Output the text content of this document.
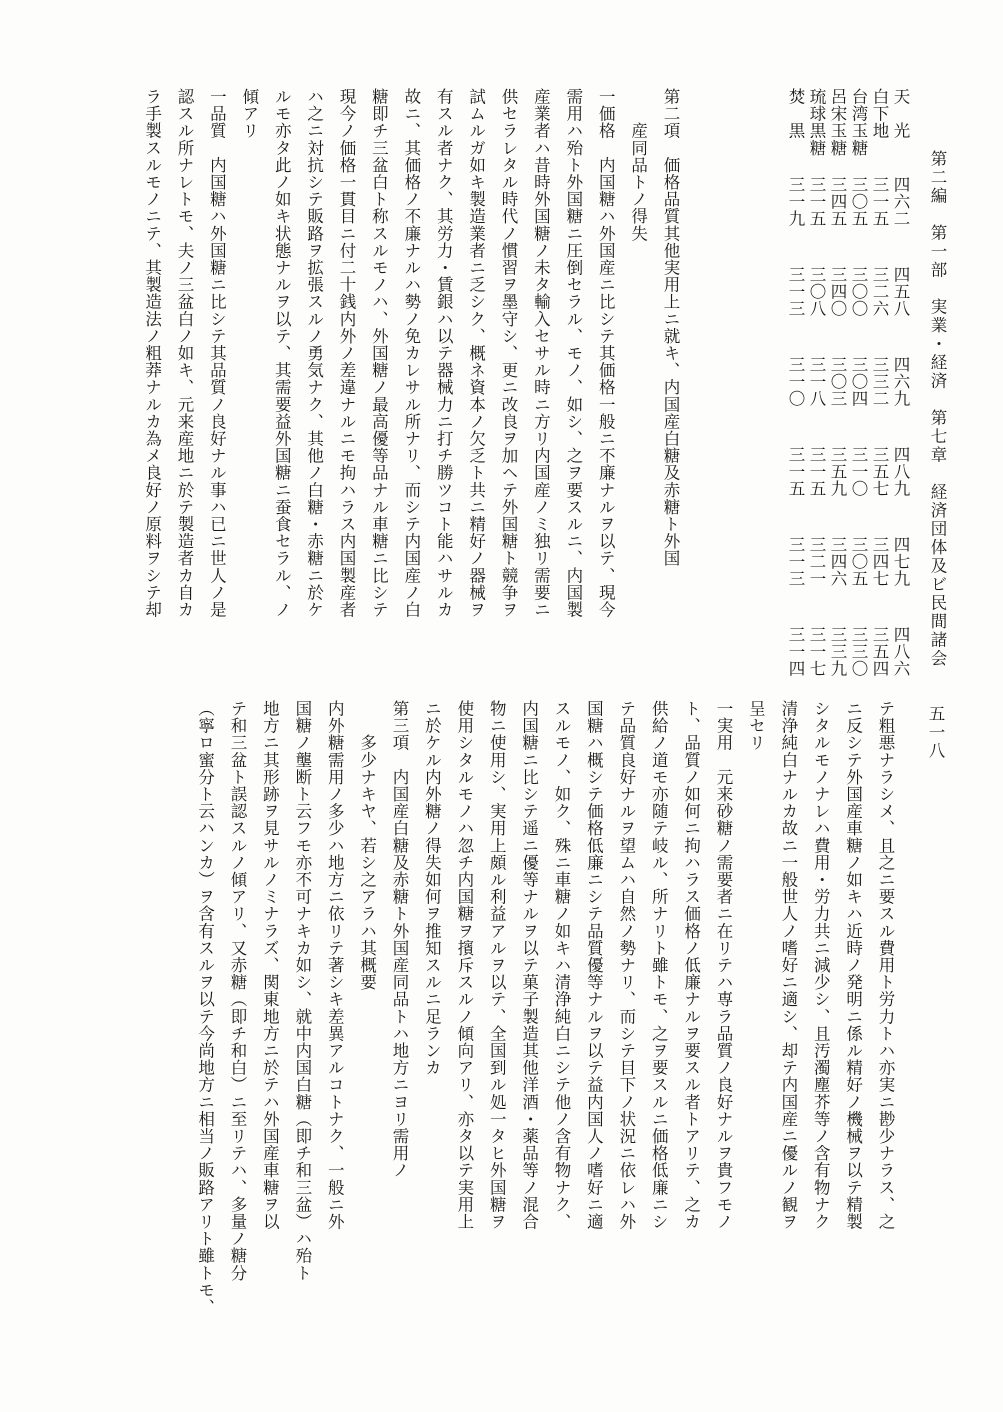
第二編　第一部　実業・経済　第七章　経済団体及ビ民間諸会
五一八
天　光
四六二
四五八
四六九
四八九
四七九
四八六
白下地
三一五
三二六
三三二
三五七
三四七
三五四
台湾玉糖
三〇五
三〇〇
三〇四
三一〇
三〇五
三三〇
呂宋玉糖
三四五
三四〇
三〇三
三五九
三四六
三三九
琉球黒糖
三一五
三〇八
三一八
三一五
三二一
三一七
焚　黒
三一九
三一三
三一〇
三一五
三一三
三一四
第二項　価格品質其他実用上ニ就キ、内国産白糖及赤糖ト外国
　　産同品トノ得失
一価格　内国糖ハ外国産ニ比シテ其価格一般ニ不廉ナルヲ以テ、現今
需用ハ殆ト外国糖ニ圧倒セラル、モノ、如シ、之ヲ要スルニ、内国製
産業者ハ昔時外国糖ノ未タ輸入セサル時ニ方リ内国産ノミ独リ需要ニ
供セラレタル時代ノ慣習ヲ墨守シ、更ニ改良ヲ加ヘテ外国糖ト競争ヲ
試ムルガ如キ製造業者ニ乏シク、概ネ資本ノ欠乏ト共ニ精好ノ器械ヲ
有スル者ナク、其労力・賃銀ハ以テ器械力ニ打チ勝ツコト能ハサルカ
故ニ、其価格ノ不廉ナルハ勢ノ免カレサル所ナリ、而シテ内国産ノ白
糖即チ三盆白ト称スルモノハ、外国糖ノ最高優等品ナル車糖ニ比シテ
現今ノ価格一貫目ニ付二十銭内外ノ差違ナルニモ拘ハラス内国製産者
ハ之ニ対抗シテ販路ヲ拡張スルノ勇気ナク、其他ノ白糖・赤糖ニ於ケ
ルモ亦タ此ノ如キ状態ナルヲ以テ、其需要益外国糖ニ蚕食セラル、ノ
傾アリ
一品質　内国糖ハ外国糖ニ比シテ其品質ノ良好ナル事ハ已ニ世人ノ是
認スル所ナレトモ、夫ノ三盆白ノ如キ、元来産地ニ於テ製造者カ自カ
ラ手製スルモノニテ、其製造法ノ粗莽ナルカ為メ良好ノ原料ヲシテ却
テ粗悪ナラシメ、且之ニ要スル費用ト労力トハ亦実ニ尠少ナラス、之
ニ反シテ外国産車糖ノ如キハ近時ノ発明ニ係ル精好ノ機械ヲ以テ精製
シタルモノナレハ費用・労力共ニ減少シ、且汚濁塵芥等ノ含有物ナク
清浄純白ナルカ故ニ一般世人ノ嗜好ニ適シ、却テ内国産ニ優ルノ観ヲ
呈セリ
一実用　元来砂糖ノ需要者ニ在リテハ専ラ品質ノ良好ナルヲ貴フモノ
ト、品質ノ如何ニ拘ハラス価格ノ低廉ナルヲ要スル者トアリテ、之カ
供給ノ道モ亦随テ岐ル、所ナリト雖トモ、之ヲ要スルニ価格低廉ニシ
テ品質良好ナルヲ望ムハ自然ノ勢ナリ、而シテ目下ノ状況ニ依レハ外
国糖ハ概シテ価格低廉ニシテ品質優等ナルヲ以テ益内国人ノ嗜好ニ適
スルモノ、如ク、殊ニ車糖ノ如キハ清浄純白ニシテ他ノ含有物ナク、
内国糖ニ比シテ遥ニ優等ナルヲ以テ菓子製造其他洋酒・薬品等ノ混合
物ニ使用シ、実用上頗ル利益アルヲ以テ、全国到ル処一タヒ外国糖ヲ
使用シタルモノハ忽チ内国糖ヲ擯斥スルノ傾向アリ、亦タ以テ実用上
ニ於ケル内外糖ノ得失如何ヲ推知スルニ足ランカ
第三項　内国産白糖及赤糖ト外国産同品トハ地方ニヨリ需用ノ
　　多少ナキヤ、若シ之アラハ其概要
内外糖需用ノ多少ハ地方ニ依リテ著シキ差異アルコトナク、一般ニ外
国糖ノ壟断ト云フモ亦不可ナキカ如シ、就中内国白糖（即チ和三盆）ハ殆ト
地方ニ其形跡ヲ見サルノミナラズ、関東地方ニ於テハ外国産車糖ヲ以
テ和三盆ト誤認スルノ傾アリ、又赤糖（即チ和白）ニ至リテハ、多量ノ糖分
（寧ロ蜜分ト云ハンカ）ヲ含有スルヲ以テ今尚地方ニ相当ノ販路アリト雖トモ、
